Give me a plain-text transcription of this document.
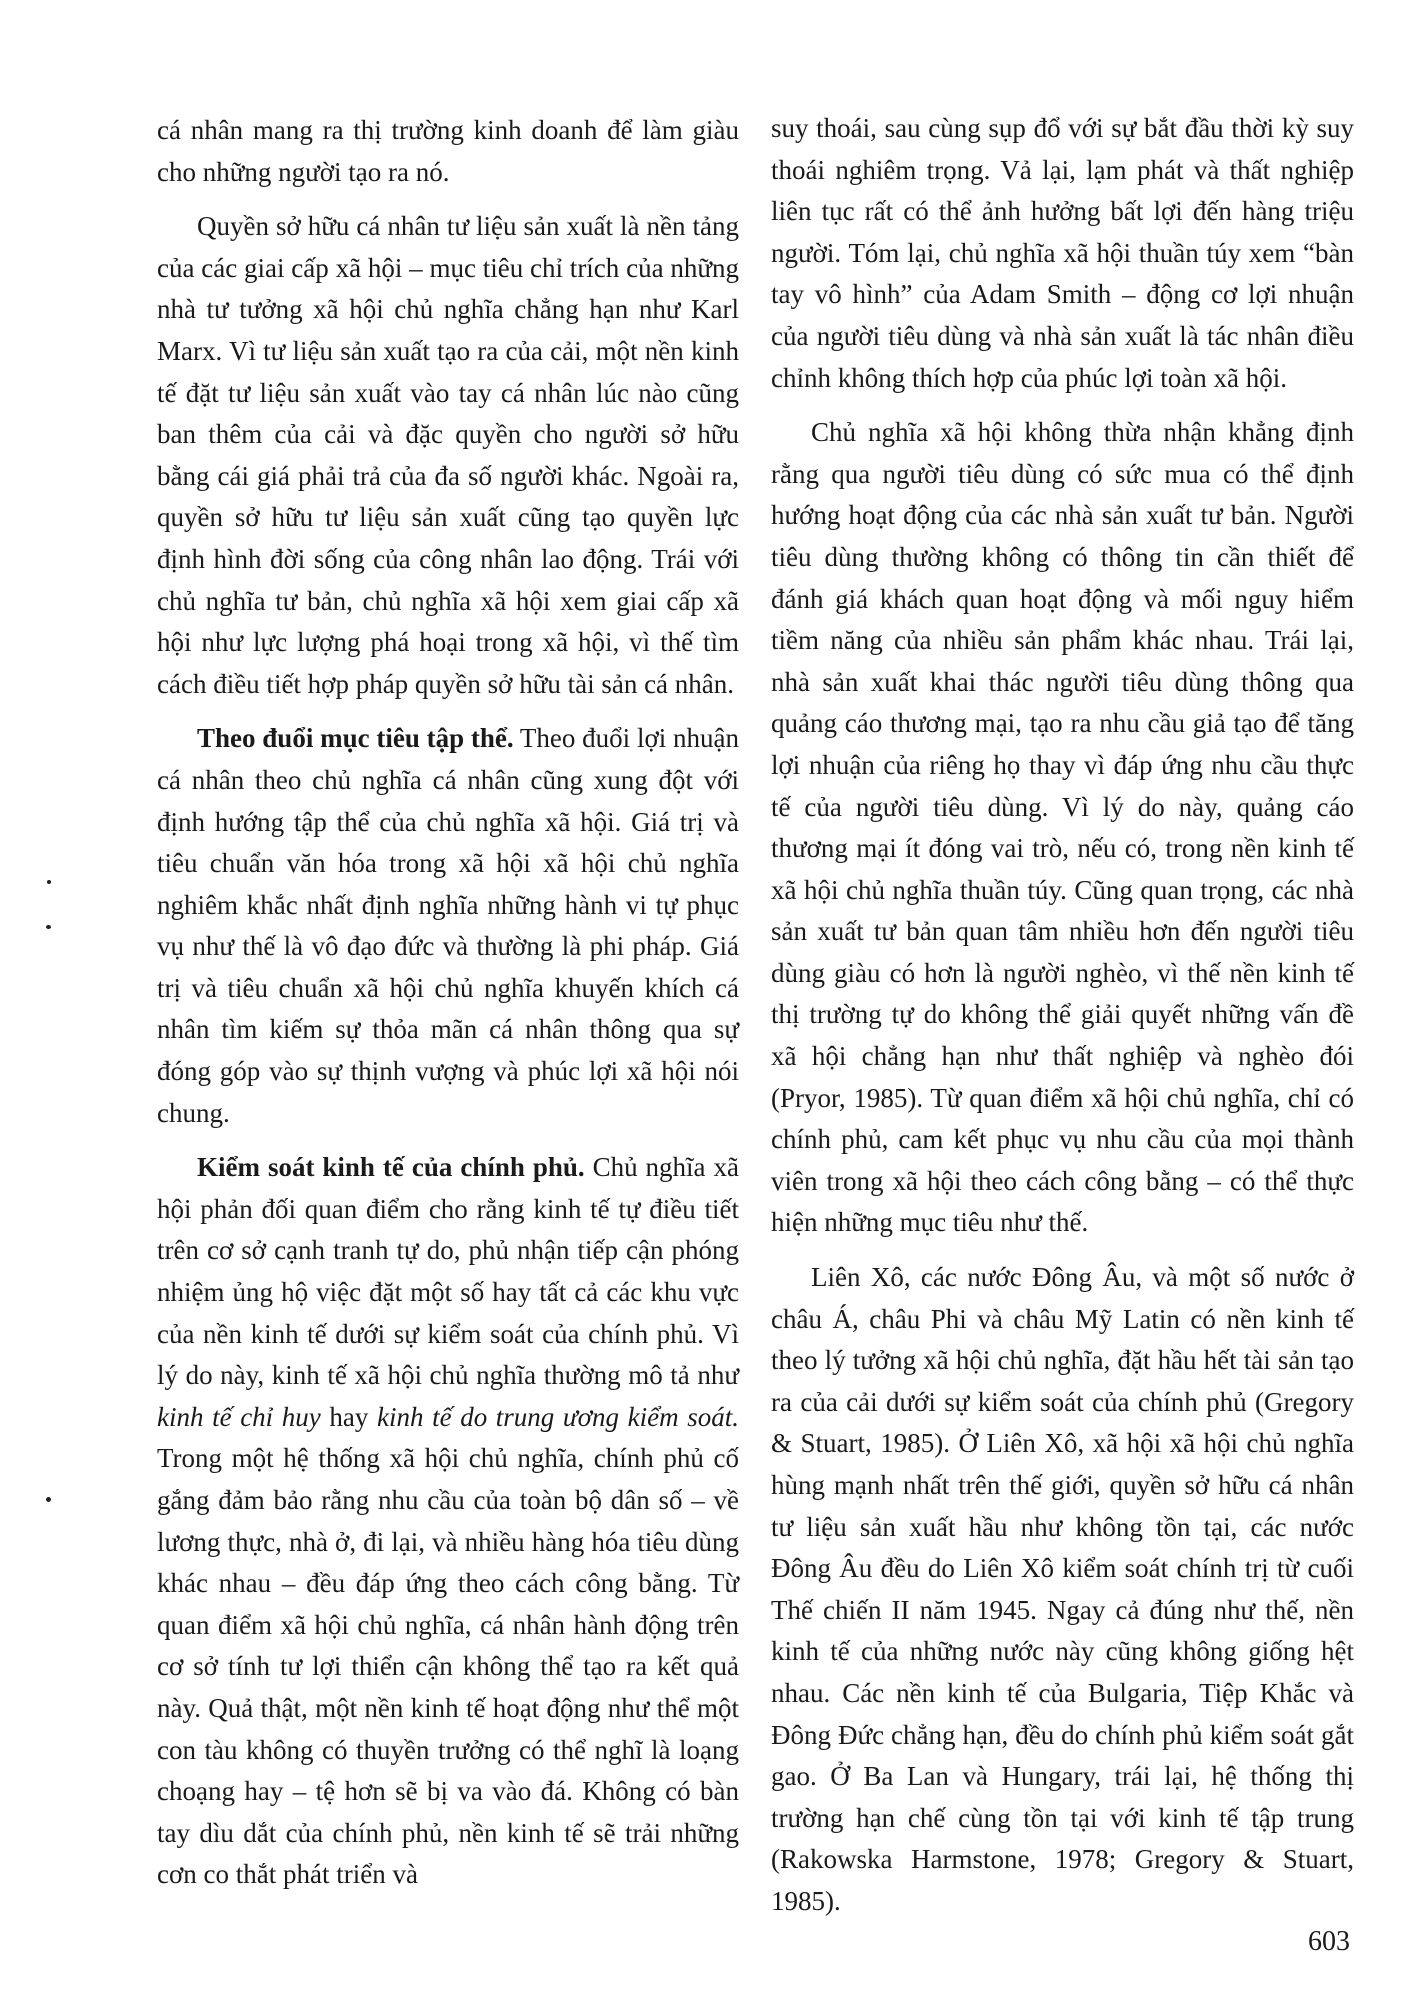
cá nhân mang ra thị trường kinh doanh để làm giàu cho những người tạo ra nó.

Quyền sở hữu cá nhân tư liệu sản xuất là nền tảng của các giai cấp xã hội – mục tiêu chỉ trích của những nhà tư tưởng xã hội chủ nghĩa chẳng hạn như Karl Marx. Vì tư liệu sản xuất tạo ra của cải, một nền kinh tế đặt tư liệu sản xuất vào tay cá nhân lúc nào cũng ban thêm của cải và đặc quyền cho người sở hữu bằng cái giá phải trả của đa số người khác. Ngoài ra, quyền sở hữu tư liệu sản xuất cũng tạo quyền lực định hình đời sống của công nhân lao động. Trái với chủ nghĩa tư bản, chủ nghĩa xã hội xem giai cấp xã hội như lực lượng phá hoại trong xã hội, vì thế tìm cách điều tiết hợp pháp quyền sở hữu tài sản cá nhân.

Theo đuổi mục tiêu tập thể. Theo đuổi lợi nhuận cá nhân theo chủ nghĩa cá nhân cũng xung đột với định hướng tập thể của chủ nghĩa xã hội. Giá trị và tiêu chuẩn văn hóa trong xã hội xã hội chủ nghĩa nghiêm khắc nhất định nghĩa những hành vi tự phục vụ như thế là vô đạo đức và thường là phi pháp. Giá trị và tiêu chuẩn xã hội chủ nghĩa khuyến khích cá nhân tìm kiếm sự thỏa mãn cá nhân thông qua sự đóng góp vào sự thịnh vượng và phúc lợi xã hội nói chung.

Kiểm soát kinh tế của chính phủ. Chủ nghĩa xã hội phản đối quan điểm cho rằng kinh tế tự điều tiết trên cơ sở cạnh tranh tự do, phủ nhận tiếp cận phóng nhiệm ủng hộ việc đặt một số hay tất cả các khu vực của nền kinh tế dưới sự kiểm soát của chính phủ. Vì lý do này, kinh tế xã hội chủ nghĩa thường mô tả như kinh tế chỉ huy hay kinh tế do trung ương kiểm soát. Trong một hệ thống xã hội chủ nghĩa, chính phủ cố gắng đảm bảo rằng nhu cầu của toàn bộ dân số – về lương thực, nhà ở, đi lại, và nhiều hàng hóa tiêu dùng khác nhau – đều đáp ứng theo cách công bằng. Từ quan điểm xã hội chủ nghĩa, cá nhân hành động trên cơ sở tính tư lợi thiển cận không thể tạo ra kết quả này. Quả thật, một nền kinh tế hoạt động như thể một con tàu không có thuyền trưởng có thể nghĩ là loạng choạng hay – tệ hơn sẽ bị va vào đá. Không có bàn tay dìu dắt của chính phủ, nền kinh tế sẽ trải những cơn co thắt phát triển và

suy thoái, sau cùng sụp đổ với sự bắt đầu thời kỳ suy thoái nghiêm trọng. Vả lại, lạm phát và thất nghiệp liên tục rất có thể ảnh hưởng bất lợi đến hàng triệu người. Tóm lại, chủ nghĩa xã hội thuần túy xem “bàn tay vô hình” của Adam Smith – động cơ lợi nhuận của người tiêu dùng và nhà sản xuất là tác nhân điều chỉnh không thích hợp của phúc lợi toàn xã hội.

Chủ nghĩa xã hội không thừa nhận khẳng định rằng qua người tiêu dùng có sức mua có thể định hướng hoạt động của các nhà sản xuất tư bản. Người tiêu dùng thường không có thông tin cần thiết để đánh giá khách quan hoạt động và mối nguy hiểm tiềm năng của nhiều sản phẩm khác nhau. Trái lại, nhà sản xuất khai thác người tiêu dùng thông qua quảng cáo thương mại, tạo ra nhu cầu giả tạo để tăng lợi nhuận của riêng họ thay vì đáp ứng nhu cầu thực tế của người tiêu dùng. Vì lý do này, quảng cáo thương mại ít đóng vai trò, nếu có, trong nền kinh tế xã hội chủ nghĩa thuần túy. Cũng quan trọng, các nhà sản xuất tư bản quan tâm nhiều hơn đến người tiêu dùng giàu có hơn là người nghèo, vì thế nền kinh tế thị trường tự do không thể giải quyết những vấn đề xã hội chẳng hạn như thất nghiệp và nghèo đói (Pryor, 1985). Từ quan điểm xã hội chủ nghĩa, chỉ có chính phủ, cam kết phục vụ nhu cầu của mọi thành viên trong xã hội theo cách công bằng – có thể thực hiện những mục tiêu như thế.

Liên Xô, các nước Đông Âu, và một số nước ở châu Á, châu Phi và châu Mỹ Latin có nền kinh tế theo lý tưởng xã hội chủ nghĩa, đặt hầu hết tài sản tạo ra của cải dưới sự kiểm soát của chính phủ (Gregory & Stuart, 1985). Ở Liên Xô, xã hội xã hội chủ nghĩa hùng mạnh nhất trên thế giới, quyền sở hữu cá nhân tư liệu sản xuất hầu như không tồn tại, các nước Đông Âu đều do Liên Xô kiểm soát chính trị từ cuối Thế chiến II năm 1945. Ngay cả đúng như thế, nền kinh tế của những nước này cũng không giống hệt nhau. Các nền kinh tế của Bulgaria, Tiệp Khắc và Đông Đức chẳng hạn, đều do chính phủ kiểm soát gắt gao. Ở Ba Lan và Hungary, trái lại, hệ thống thị trường hạn chế cùng tồn tại với kinh tế tập trung (Rakowska Harmstone, 1978; Gregory & Stuart, 1985).

603
